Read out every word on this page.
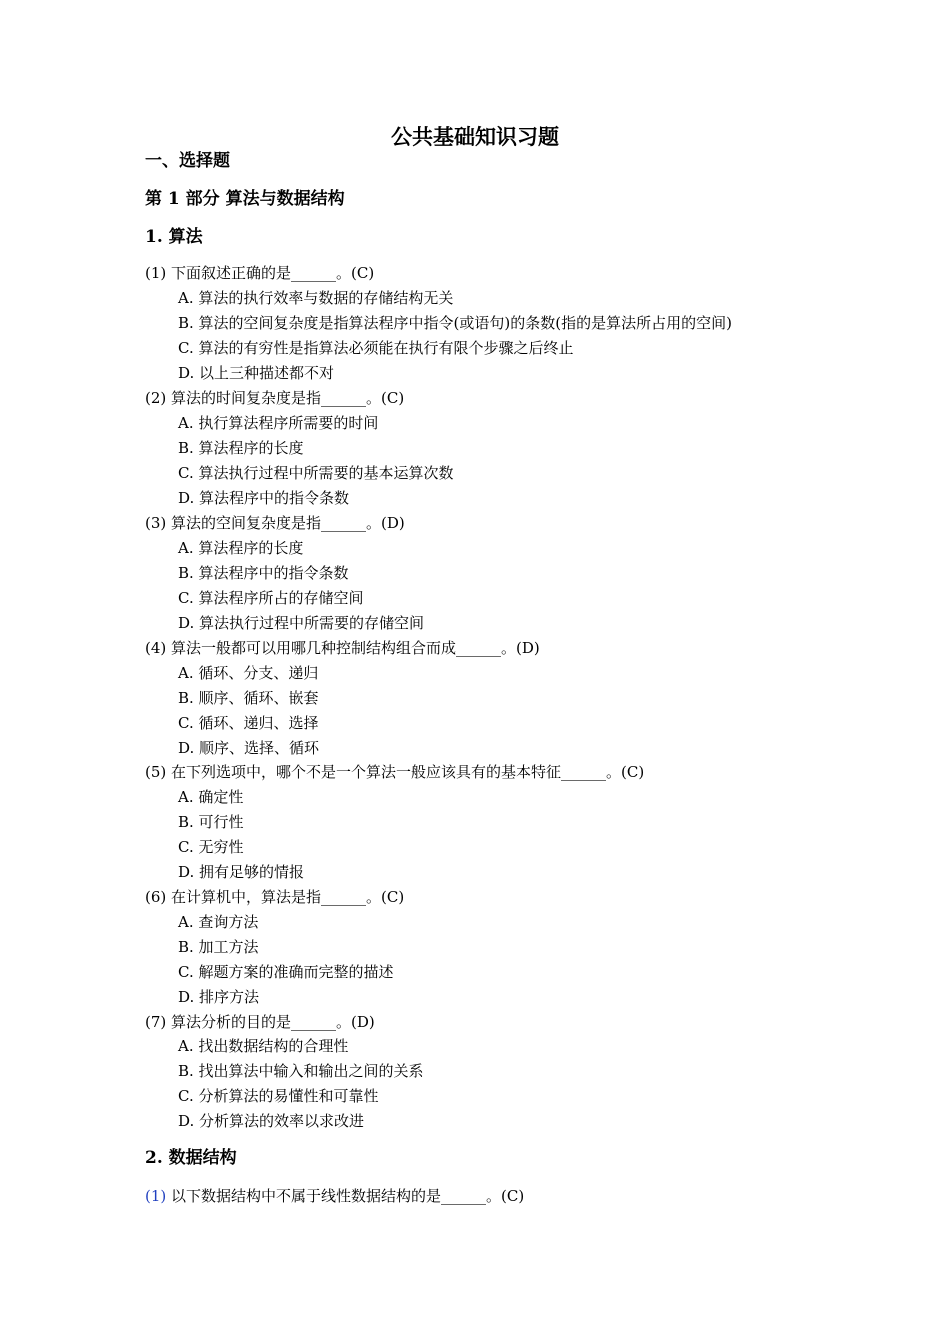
公共基础知识习题
一、选择题
第 1 部分 算法与数据结构
1. 算法
(1) 下面叙述正确的是______。(C)
A. 算法的执行效率与数据的存储结构无关
B. 算法的空间复杂度是指算法程序中指令(或语句)的条数(指的是算法所占用的空间)
C. 算法的有穷性是指算法必须能在执行有限个步骤之后终止
D. 以上三种描述都不对
(2) 算法的时间复杂度是指______。(C)
A. 执行算法程序所需要的时间
B. 算法程序的长度
C. 算法执行过程中所需要的基本运算次数
D. 算法程序中的指令条数
(3) 算法的空间复杂度是指______。(D)
A. 算法程序的长度
B. 算法程序中的指令条数
C. 算法程序所占的存储空间
D. 算法执行过程中所需要的存储空间
(4) 算法一般都可以用哪几种控制结构组合而成______。(D)
A. 循环、分支、递归
B. 顺序、循环、嵌套
C. 循环、递归、选择
D. 顺序、选择、循环
(5) 在下列选项中，哪个不是一个算法一般应该具有的基本特征______。(C)
A. 确定性
B. 可行性
C. 无穷性
D. 拥有足够的情报
(6) 在计算机中，算法是指______。(C)
A. 查询方法
B. 加工方法
C. 解题方案的准确而完整的描述
D. 排序方法
(7) 算法分析的目的是______。(D)
A. 找出数据结构的合理性
B. 找出算法中输入和输出之间的关系
C. 分析算法的易懂性和可靠性
D. 分析算法的效率以求改进
2. 数据结构
(1) 以下数据结构中不属于线性数据结构的是______。(C)
